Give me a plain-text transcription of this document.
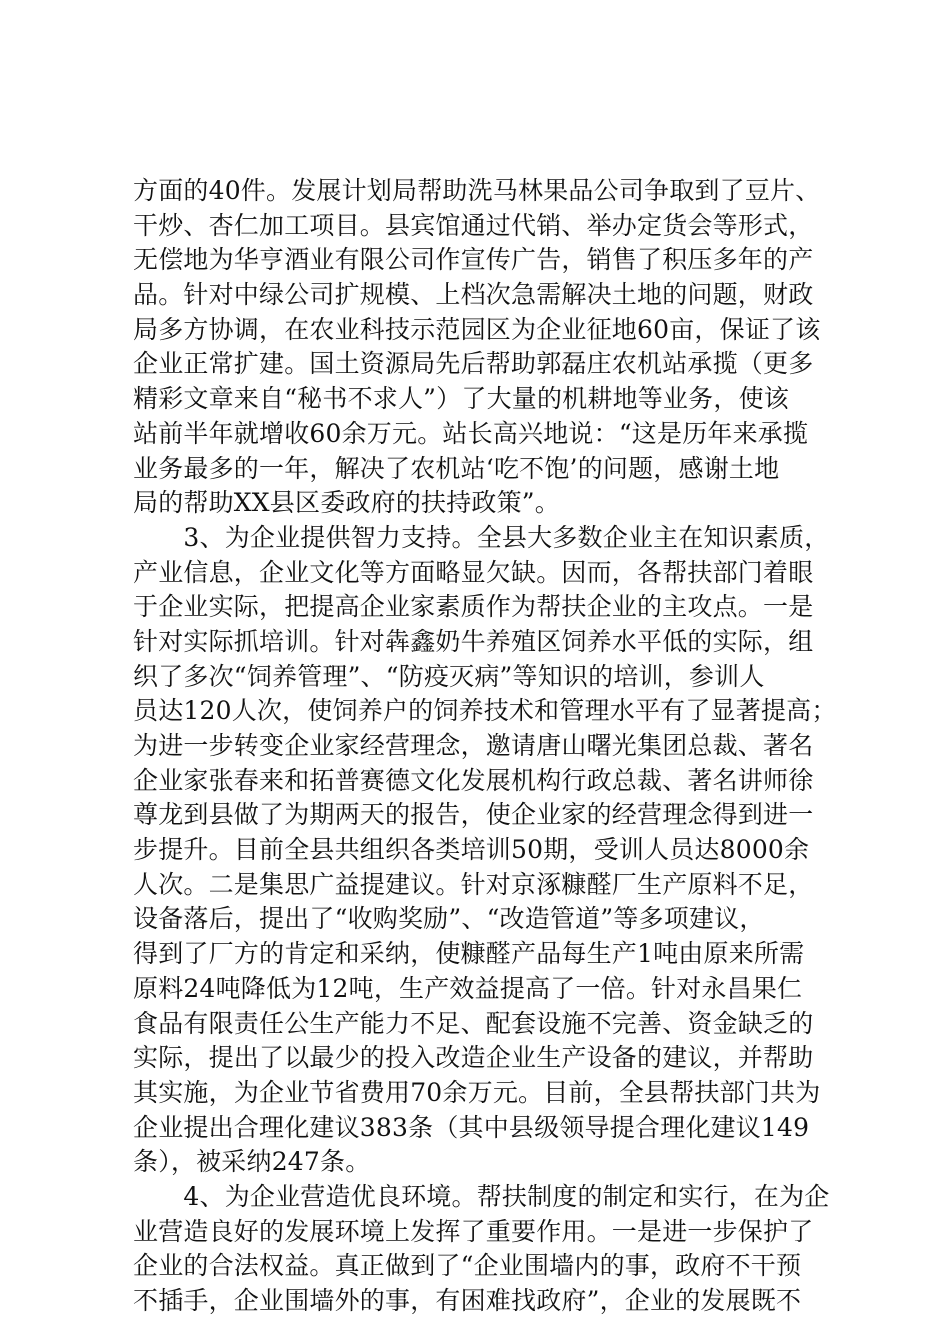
方面的40件。发展计划局帮助洗马林果品公司争取到了豆片、
干炒、杏仁加工项目。县宾馆通过代销、举办定货会等形式，
无偿地为华亨酒业有限公司作宣传广告，销售了积压多年的产
品。针对中绿公司扩规模、上档次急需解决土地的问题，财政
局多方协调，在农业科技示范园区为企业征地60亩，保证了该
企业正常扩建。国土资源局先后帮助郭磊庄农机站承揽（更多
精彩文章来自“秘书不求人”）了大量的机耕地等业务，使该
站前半年就增收60余万元。站长高兴地说：“这是历年来承揽
业务最多的一年，解决了农机站‘吃不饱’的问题，感谢土地
局的帮助XX县区委政府的扶持政策”。
　　3、为企业提供智力支持。全县大多数企业主在知识素质，
产业信息，企业文化等方面略显欠缺。因而，各帮扶部门着眼
于企业实际，把提高企业家素质作为帮扶企业的主攻点。一是
针对实际抓培训。针对犇鑫奶牛养殖区饲养水平低的实际，组
织了多次“饲养管理”、“防疫灭病”等知识的培训，参训人
员达120人次，使饲养户的饲养技术和管理水平有了显著提高；
为进一步转变企业家经营理念，邀请唐山曙光集团总裁、著名
企业家张春来和拓普赛德文化发展机构行政总裁、著名讲师徐
尊龙到县做了为期两天的报告，使企业家的经营理念得到进一
步提升。目前全县共组织各类培训50期，受训人员达8000余
人次。二是集思广益提建议。针对京涿糠醛厂生产原料不足，
设备落后，提出了“收购奖励”、“改造管道”等多项建议，
得到了厂方的肯定和采纳，使糠醛产品每生产1吨由原来所需
原料24吨降低为12吨，生产效益提高了一倍。针对永昌果仁
食品有限责任公生产能力不足、配套设施不完善、资金缺乏的
实际，提出了以最少的投入改造企业生产设备的建议，并帮助
其实施，为企业节省费用70余万元。目前，全县帮扶部门共为
企业提出合理化建议383条（其中县级领导提合理化建议149
条），被采纳247条。
　　4、为企业营造优良环境。帮扶制度的制定和实行，在为企
业营造良好的发展环境上发挥了重要作用。一是进一步保护了
企业的合法权益。真正做到了“企业围墙内的事，政府不干预
不插手，企业围墙外的事，有困难找政府”，企业的发展既不
